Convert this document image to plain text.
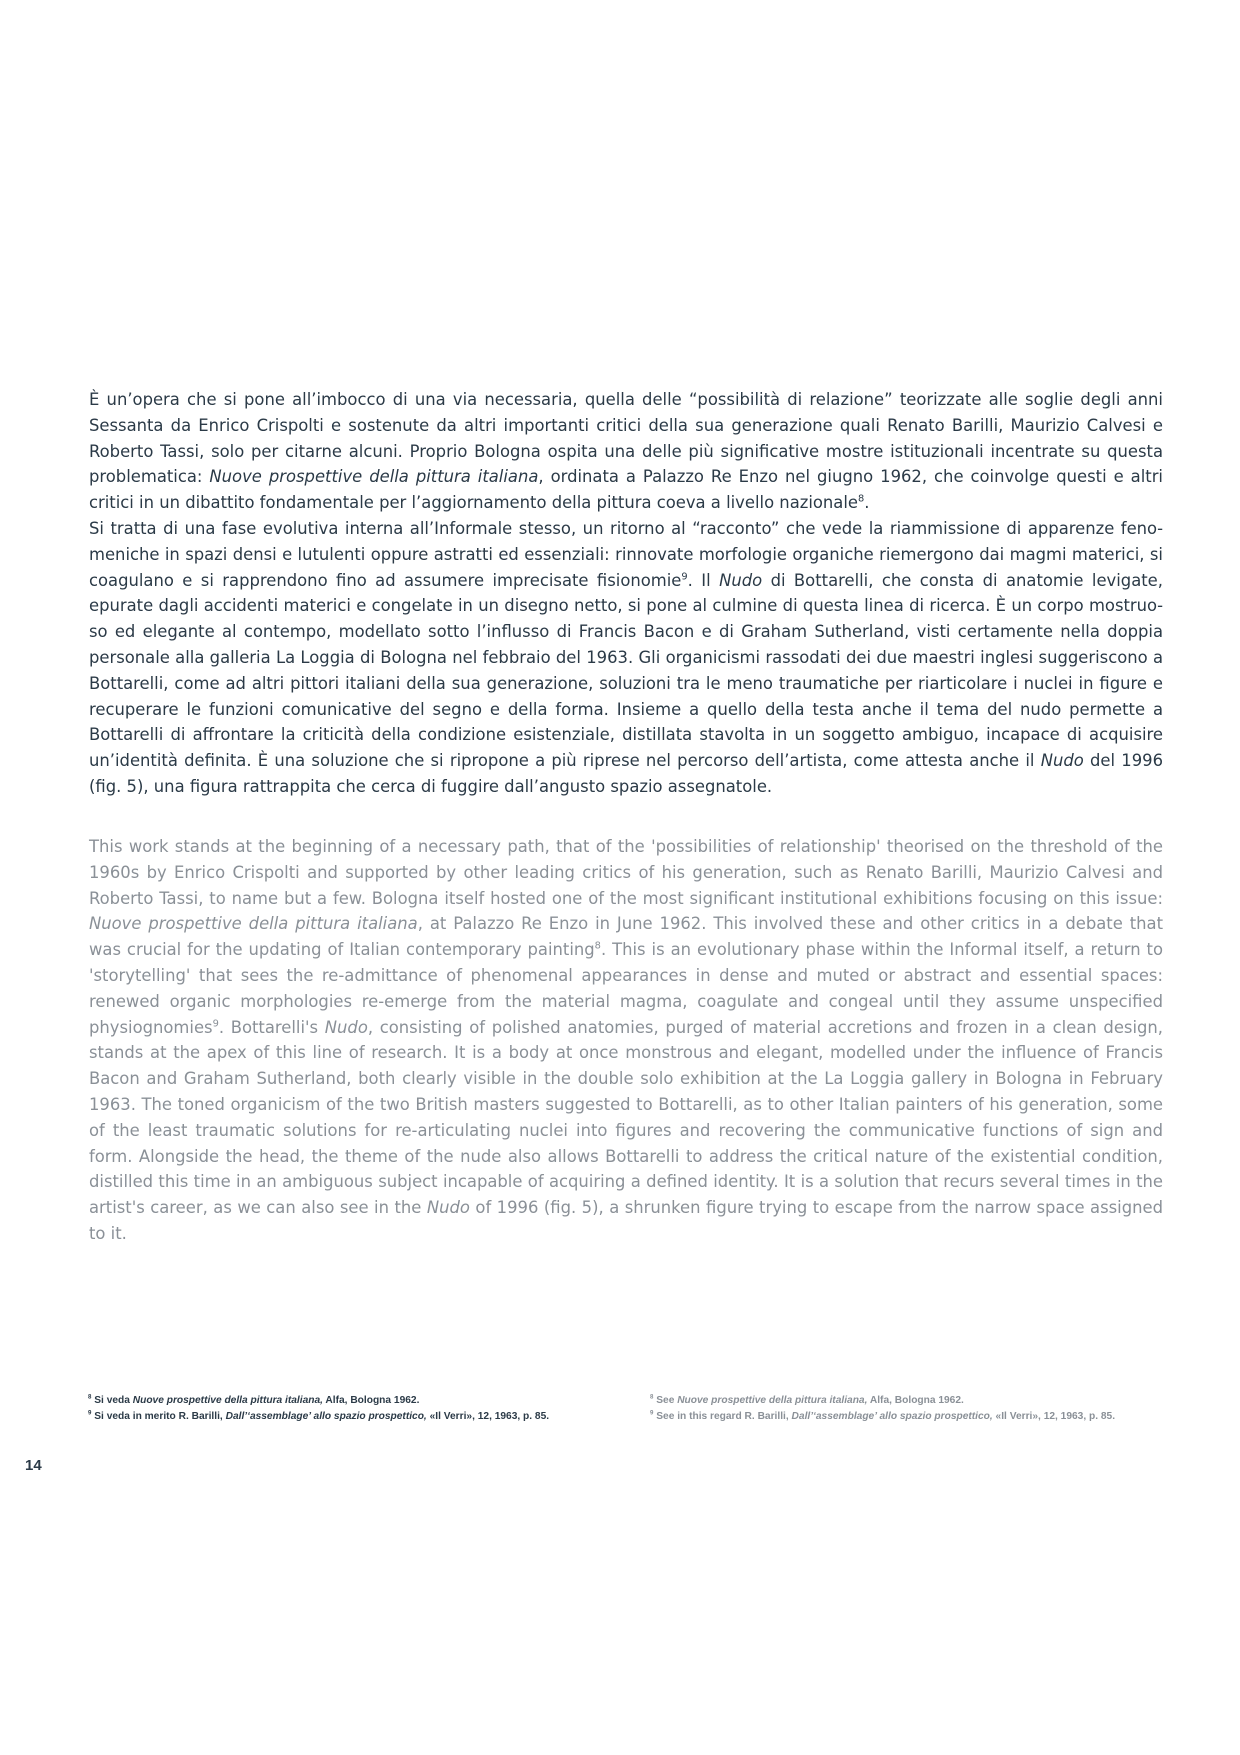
È un’opera che si pone all’imbocco di una via necessaria, quella delle “possibilità di relazione” teorizzate alle soglie degli anni Sessanta da Enrico Crispolti e sostenute da altri importanti critici della sua generazione quali Renato Barilli, Maurizio Calvesi e Roberto Tassi, solo per citarne alcuni. Proprio Bologna ospita una delle più significative mostre istituzionali incentrate su questa problematica: Nuove prospettive della pittura italiana, ordinata a Palazzo Re Enzo nel giugno 1962, che coinvolge questi e altri critici in un dibattito fondamentale per l’aggiornamento della pittura coeva a livello nazionale$^8$.

Si tratta di una fase evolutiva interna all’Informale stesso, un ritorno al “racconto” che vede la riammissione di apparenze fenomeniche in spazi densi e lutulenti oppure astratti ed essenziali: rinnovate morfologie organiche riemergono dai magmi materici, si coagulano e si rapprendono fino ad assumere imprecisate fisionomie$^9$. Il Nudo di Bottarelli, che consta di anatomie levigate, epurate dagli accidenti materici e congelate in un disegno netto, si pone al culmine di questa linea di ricerca. È un corpo mostruoso ed elegante al contempo, modellato sotto l’influsso di Francis Bacon e di Graham Sutherland, visti certamente nella doppia personale alla galleria La Loggia di Bologna nel febbraio del 1963. Gli organicismi rassodati dei due maestri inglesi suggeriscono a Bottarelli, come ad altri pittori italiani della sua generazione, soluzioni tra le meno traumatiche per riarticolare i nuclei in figure e recuperare le funzioni comunicative del segno e della forma. Insieme a quello della testa anche il tema del nudo permette a Bottarelli di affrontare la criticità della condizione esistenziale, distillata stavolta in un soggetto ambiguo, incapace di acquisire un’identità definita. È una soluzione che si ripropone a più riprese nel percorso dell’artista, come attesta anche il Nudo del 1996 (fig. 5), una figura rattrappita che cerca di fuggire dall’angusto spazio assegnatole.

This work stands at the beginning of a necessary path, that of the 'possibilities of relationship' theorised on the threshold of the 1960s by Enrico Crispolti and supported by other leading critics of his generation, such as Renato Barilli, Maurizio Calvesi and Roberto Tassi, to name but a few. Bologna itself hosted one of the most significant institutional exhibitions focusing on this issue: Nuove prospettive della pittura italiana, at Palazzo Re Enzo in June 1962. This involved these and other critics in a debate that was crucial for the updating of Italian contemporary painting$^8$. This is an evolutionary phase within the Informal itself, a return to 'storytelling' that sees the re-admittance of phenomenal appearances in dense and muted or abstract and essential spaces: renewed organic morphologies re-emerge from the material magma, coagulate and congeal until they assume unspecified physiognomies$^9$. Bottarelli's Nudo, consisting of polished anatomies, purged of material accretions and frozen in a clean design, stands at the apex of this line of research. It is a body at once monstrous and elegant, modelled under the influence of Francis Bacon and Graham Sutherland, both clearly visible in the double solo exhibition at the La Loggia gallery in Bologna in February 1963. The toned organicism of the two British masters suggested to Bottarelli, as to other Italian painters of his generation, some of the least traumatic solutions for re-articulating nuclei into figures and recovering the communicative functions of sign and form. Alongside the head, the theme of the nude also allows Bottarelli to address the critical nature of the existential condition, distilled this time in an ambiguous subject incapable of acquiring a defined identity. It is a solution that recurs several times in the artist's career, as we can also see in the Nudo of 1996 (fig. 5), a shrunken figure trying to escape from the narrow space assigned to it.

$^8$ Si veda Nuove prospettive della pittura italiana, Alfa, Bologna 1962.

$^9$ Si veda in merito R. Barilli, Dall’‘assemblage’ allo spazio prospettico, «Il Verri», 12, 1963, p. 85.

$^8$ See Nuove prospettive della pittura italiana, Alfa, Bologna 1962.

$^9$ See in this regard R. Barilli, Dall’‘assemblage’ allo spazio prospettico, «Il Verri», 12, 1963, p. 85.

14
